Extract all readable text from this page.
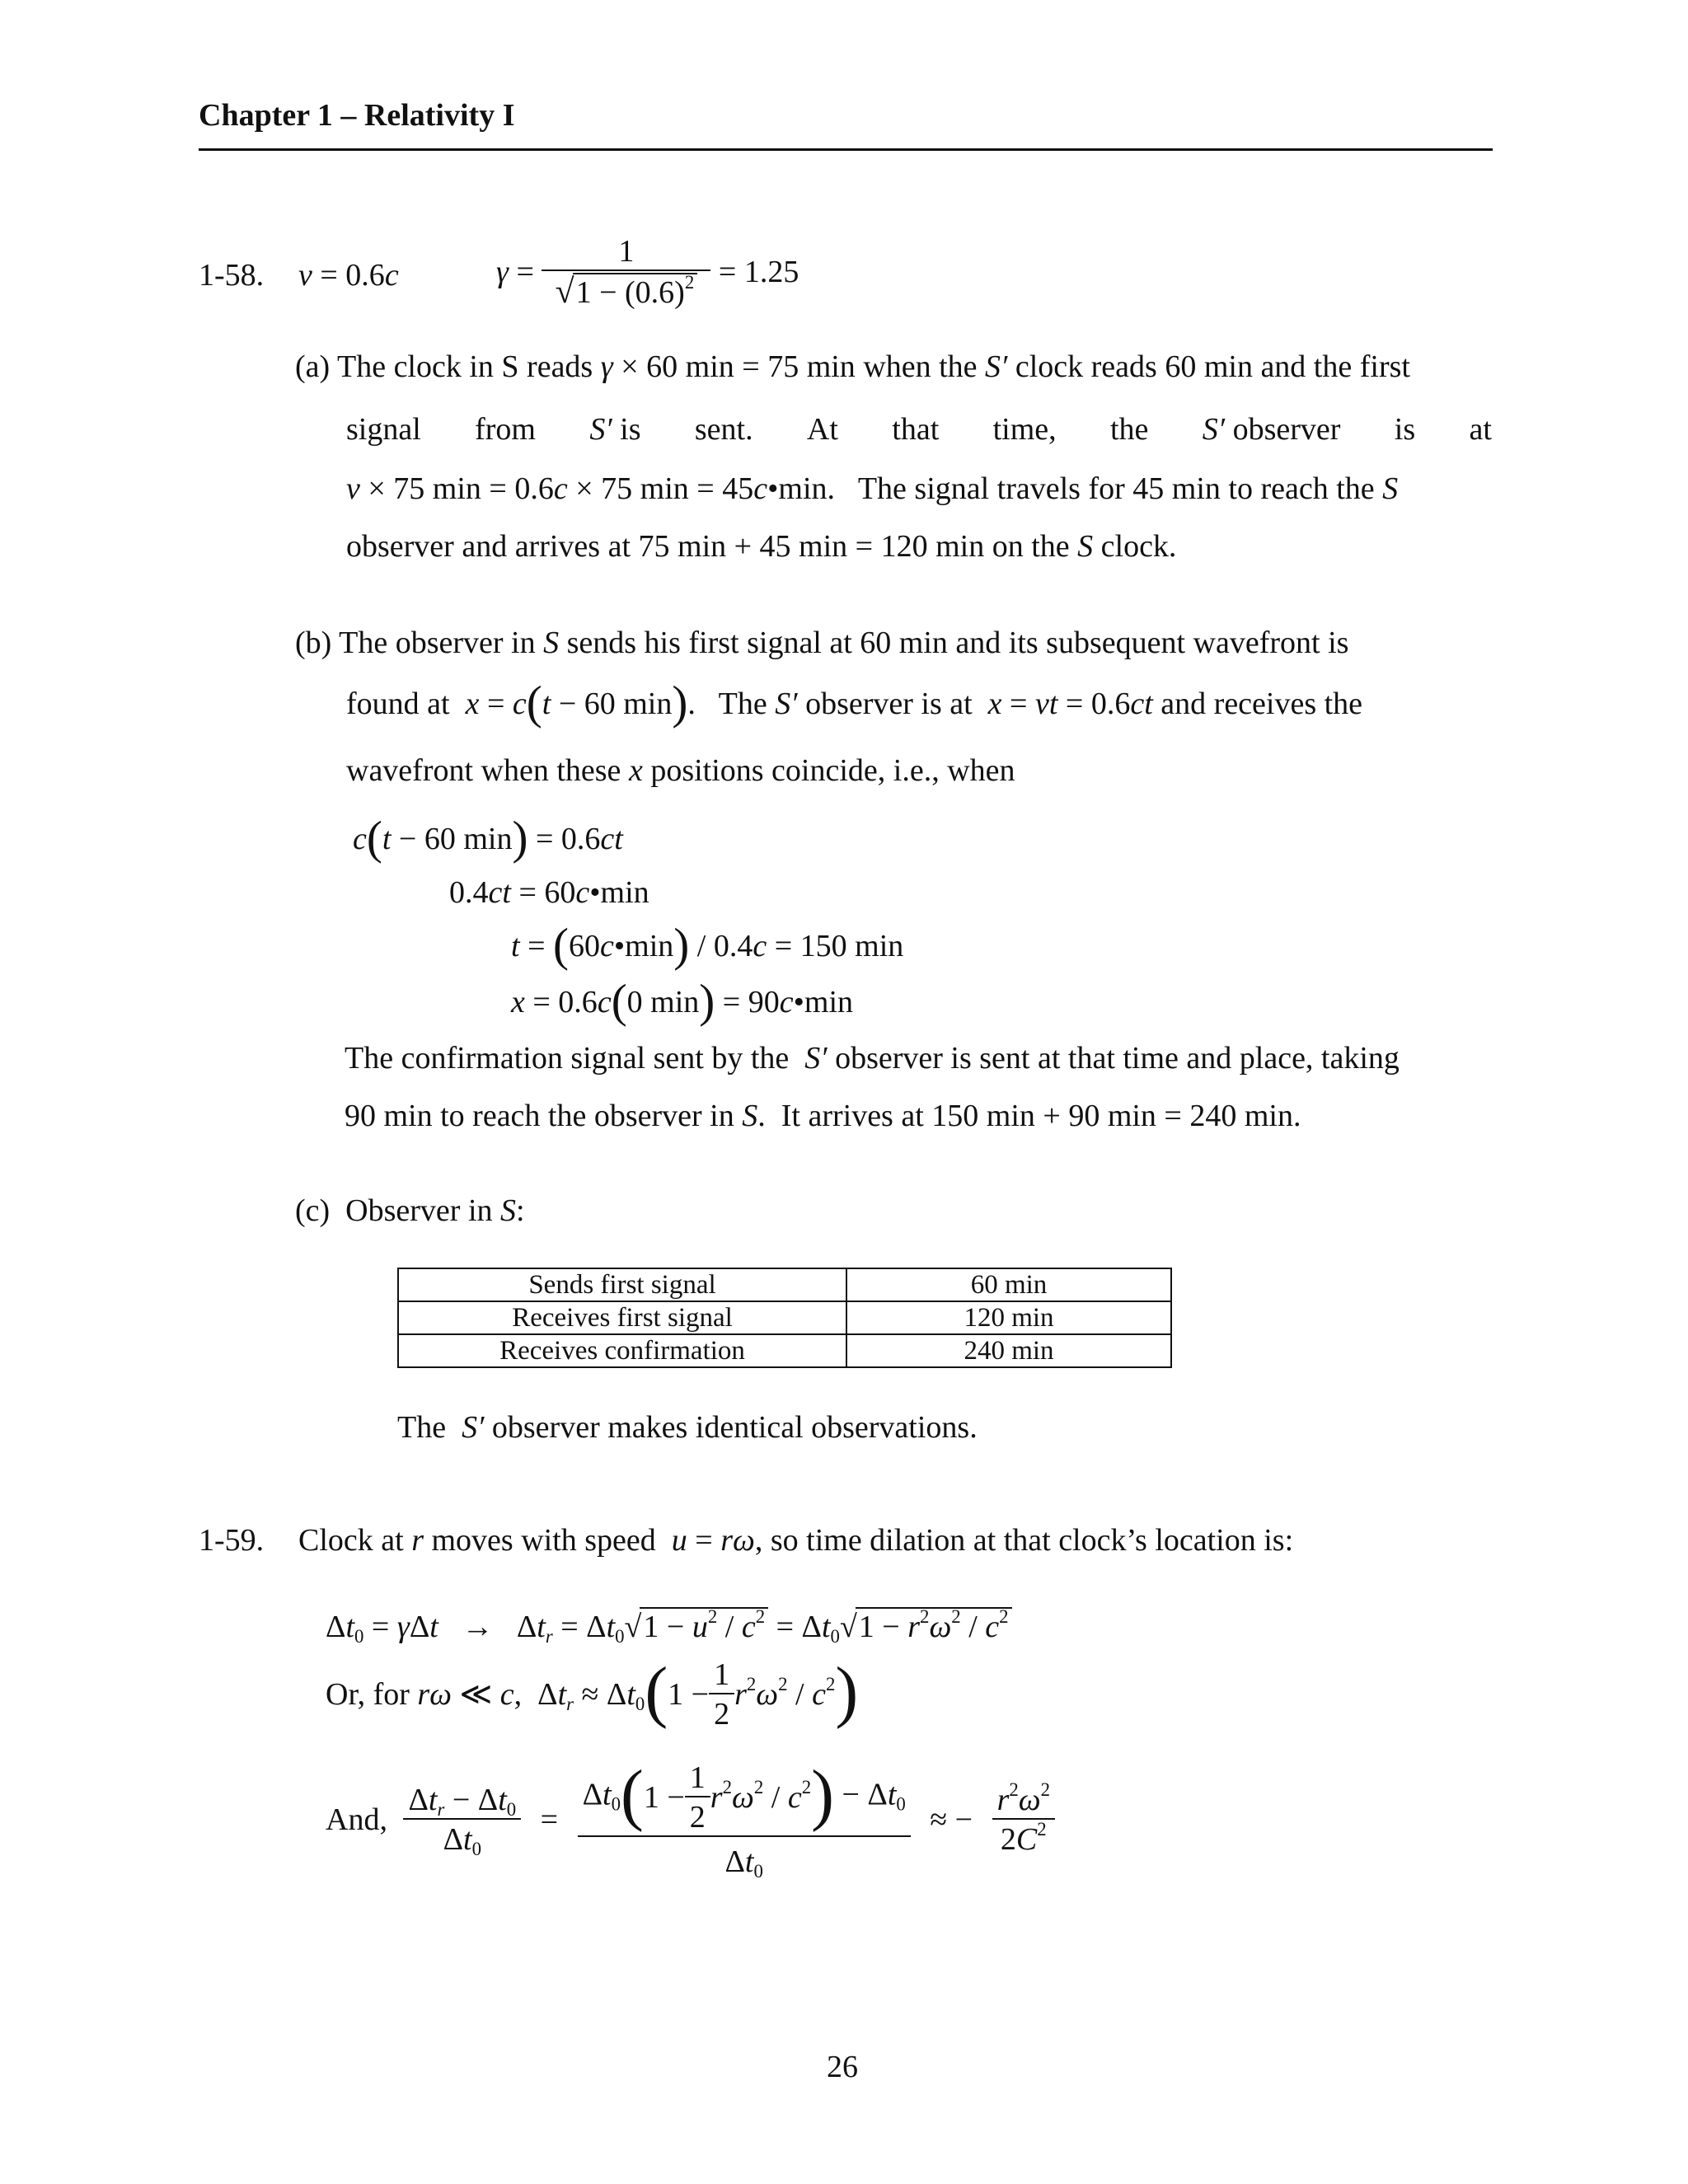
Chapter 1 – Relativity I
1-58. v = 0.6c	$\gamma = \frac{1}{√1 - (0.6)^2} = 1.25$
(a) The clock in S reads γ × 60 min = 75 min when the S′ clock reads 60 min and the first
signal from S′ is sent. At that time, the S′ observer is at
v × 75 min = 0.6c × 75 min = 45c•min.   The signal travels for 45 min to reach the S
observer and arrives at 75 min + 45 min = 120 min on the S clock.
(b) The observer in S sends his first signal at 60 min and its subsequent wavefront is
found at  x = c(t − 60 min).   The S′ observer is at  x = vt = 0.6ct and receives the
wavefront when these x positions coincide, i.e., when
c(t − 60 min) = 0.6ct
0.4ct = 60c•min
t = (60c•min) / 0.4c = 150 min
x = 0.6c(0 min) = 90c•min
The confirmation signal sent by the  S′ observer is sent at that time and place, taking
90 min to reach the observer in S.  It arrives at 150 min + 90 min = 240 min.
(c)  Observer in S:
Sends first signal	60 min
Receives first signal	120 min
Receives confirmation	240 min
The  S′ observer makes identical observations.
1-59. Clock at r moves with speed  u = rω, so time dilation at that clock’s location is:
$\Delta t_0 = \gamma\Delta t \to \Delta t_r = \Delta t_0√1 - u^2 / c^2 = \Delta t_0√1 - r^2\omega^2 / c^2$
Or, for rω ≪ c,  $\Delta t_r \approx \Delta t_0(1 - \frac{1}{2} r^2\omega^2 / c^2)$
And, $\frac{\Delta t_r - \Delta t_0}{\Delta t_0} = \frac{\Delta t_0(1 - \frac{1}{2} r^2\omega^2 / c^2) - \Delta t_0}{\Delta t_0}$ ≈ − $\frac{r^2\omega^2}{2C^2}$
26
